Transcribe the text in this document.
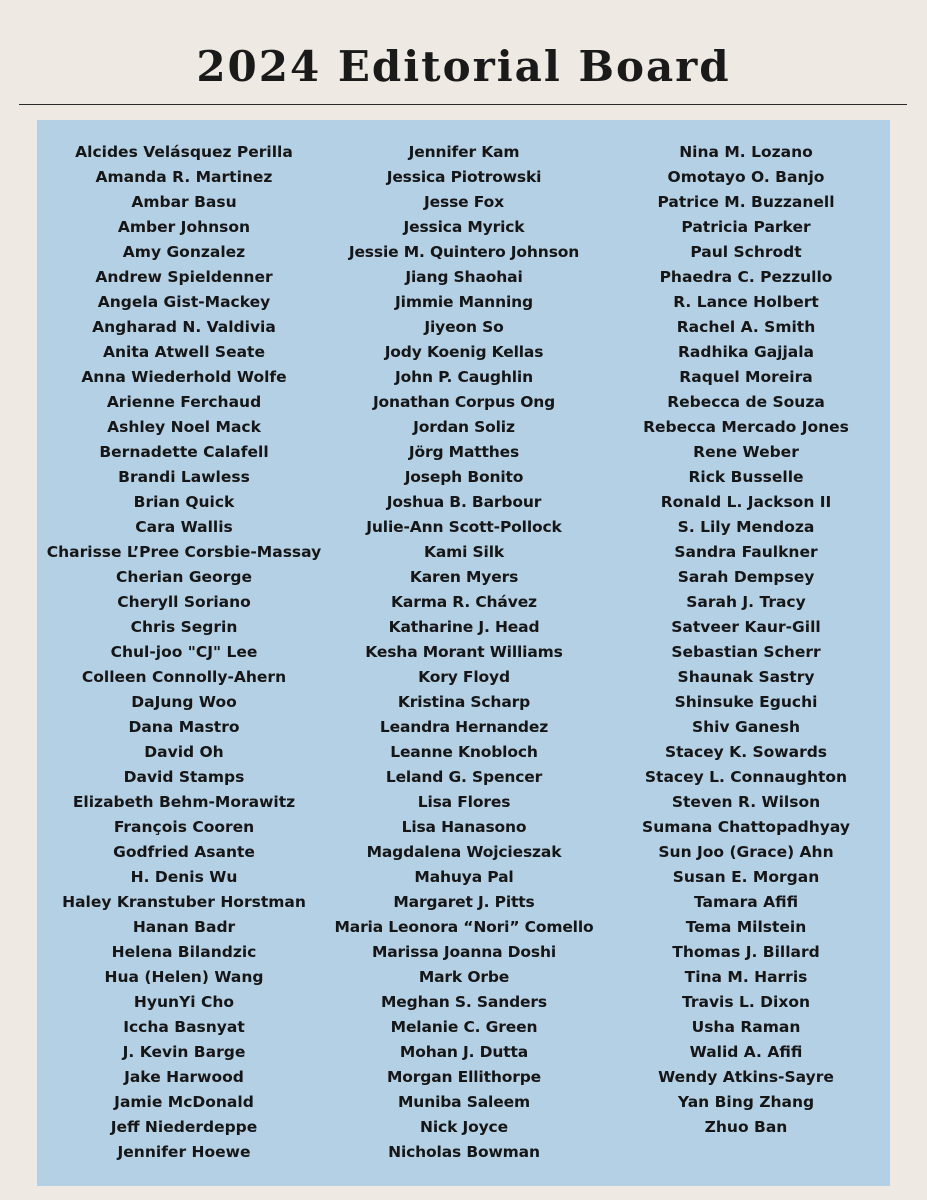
2024 Editorial Board
Alcides Velásquez Perilla
Amanda R. Martinez
Ambar Basu
Amber Johnson
Amy Gonzalez
Andrew Spieldenner
Angela Gist-Mackey
Angharad N. Valdivia
Anita Atwell Seate
Anna Wiederhold Wolfe
Arienne Ferchaud
Ashley Noel Mack
Bernadette Calafell
Brandi Lawless
Brian Quick
Cara Wallis
Charisse L’Pree Corsbie-Massay
Cherian George
Cheryll Soriano
Chris Segrin
Chul-joo "CJ" Lee
Colleen Connolly-Ahern
DaJung Woo
Dana Mastro
David Oh
David Stamps
Elizabeth Behm-Morawitz
François Cooren
Godfried Asante
H. Denis Wu
Haley Kranstuber Horstman
Hanan Badr
Helena Bilandzic
Hua (Helen) Wang
HyunYi Cho
Iccha Basnyat
J. Kevin Barge
Jake Harwood
Jamie McDonald
Jeff Niederdeppe
Jennifer Hoewe
Jennifer Kam
Jessica Piotrowski
Jesse Fox
Jessica Myrick
Jessie M. Quintero Johnson
Jiang Shaohai
Jimmie Manning
Jiyeon So
Jody Koenig Kellas
John P. Caughlin
Jonathan Corpus Ong
Jordan Soliz
Jörg Matthes
Joseph Bonito
Joshua B. Barbour
Julie-Ann Scott-Pollock
Kami Silk
Karen Myers
Karma R. Chávez
Katharine J. Head
Kesha Morant Williams
Kory Floyd
Kristina Scharp
Leandra Hernandez
Leanne Knobloch
Leland G. Spencer
Lisa Flores
Lisa Hanasono
Magdalena Wojcieszak
Mahuya Pal
Margaret J. Pitts
Maria Leonora “Nori” Comello
Marissa Joanna Doshi
Mark Orbe
Meghan S. Sanders
Melanie C. Green
Mohan J. Dutta
Morgan Ellithorpe
Muniba Saleem
Nick Joyce
Nicholas Bowman
Nina M. Lozano
Omotayo O. Banjo
Patrice M. Buzzanell
Patricia Parker
Paul Schrodt
Phaedra C. Pezzullo
R. Lance Holbert
Rachel A. Smith
Radhika Gajjala
Raquel Moreira
Rebecca de Souza
Rebecca Mercado Jones
Rene Weber
Rick Busselle
Ronald L. Jackson II
S. Lily Mendoza
Sandra Faulkner
Sarah Dempsey
Sarah J. Tracy
Satveer Kaur-Gill
Sebastian Scherr
Shaunak Sastry
Shinsuke Eguchi
Shiv Ganesh
Stacey K. Sowards
Stacey L. Connaughton
Steven R. Wilson
Sumana Chattopadhyay
Sun Joo (Grace) Ahn
Susan E. Morgan
Tamara Afifi
Tema Milstein
Thomas J. Billard
Tina M. Harris
Travis L. Dixon
Usha Raman
Walid A. Afifi
Wendy Atkins-Sayre
Yan Bing Zhang
Zhuo Ban
